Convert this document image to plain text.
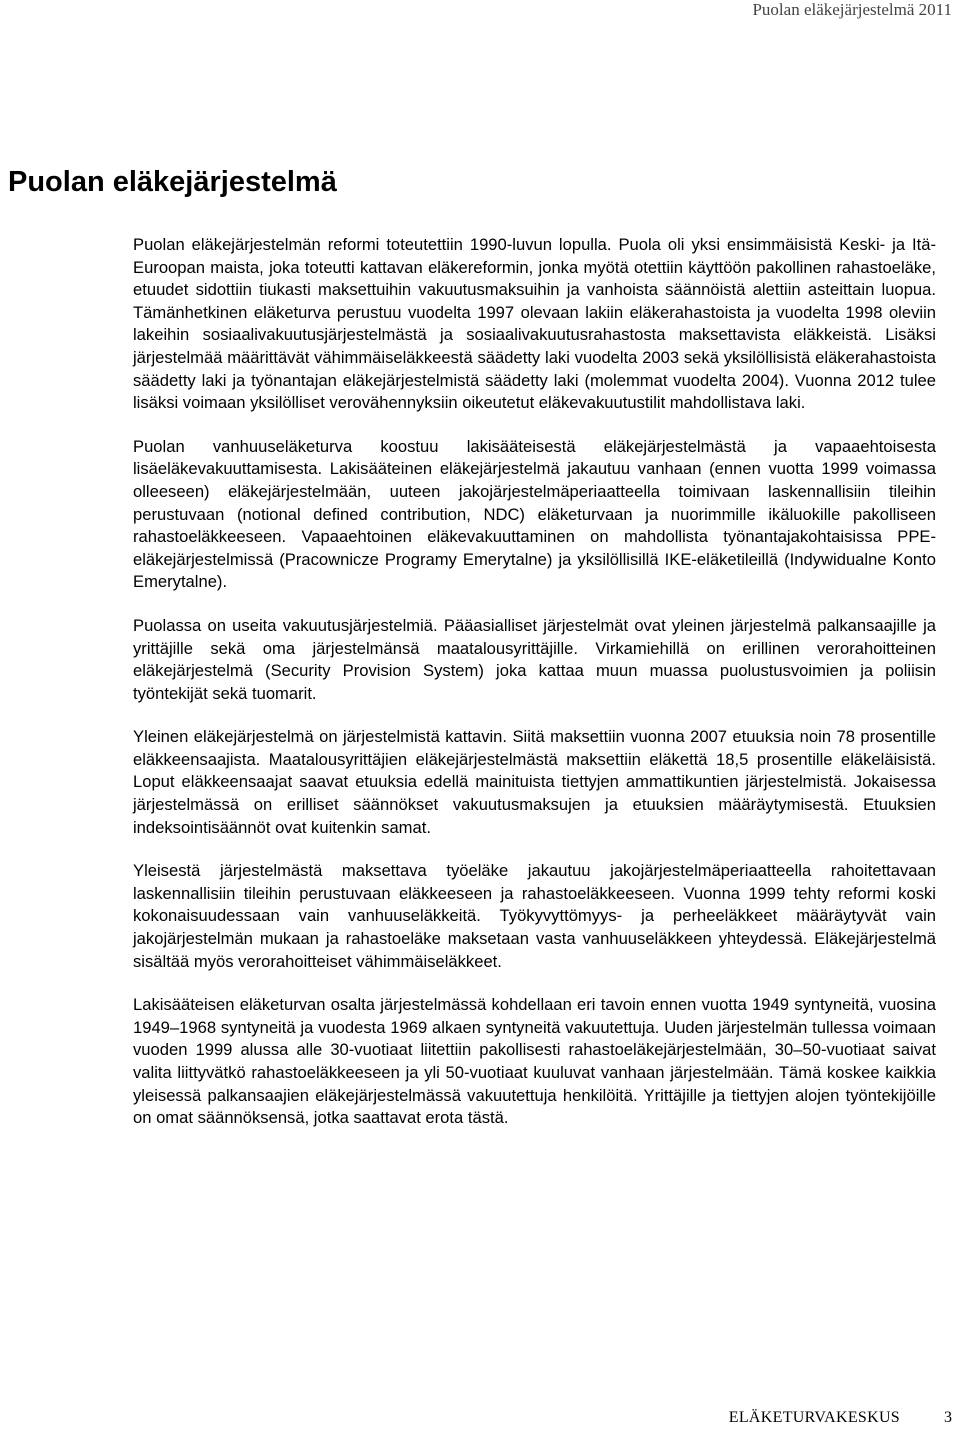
Puolan eläkejärjestelmä 2011
Puolan eläkejärjestelmä

Puolan eläkejärjestelmän reformi toteutettiin 1990-luvun lopulla. Puola oli yksi ensimmäisistä Keski- ja Itä-Euroopan maista, joka toteutti kattavan eläkereformin, jonka myötä otettiin käyttöön pakollinen rahastoeläke, etuudet sidottiin tiukasti maksettuihin vakuutusmaksuihin ja vanhoista säännöistä alettiin asteittain luopua. Tämänhetkinen eläketurva perustuu vuodelta 1997 olevaan lakiin eläkerahastoista ja vuodelta 1998 oleviin lakeihin sosiaalivakuutusjärjestelmästä ja sosiaalivakuutusrahastosta maksettavista eläkkeistä. Lisäksi järjestelmää määrittävät vähimmäiseläkkeestä säädetty laki vuodelta 2003 sekä yksilöllisistä eläkerahastoista säädetty laki ja työnantajan eläkejärjestelmistä säädetty laki (molemmat vuodelta 2004). Vuonna 2012 tulee lisäksi voimaan yksilölliset verovähennyksiin oikeutetut eläkevakuutustilit mahdollistava laki.

Puolan vanhuuseläketurva koostuu lakisääteisestä eläkejärjestelmästä ja vapaaehtoisesta lisäeläkevakuuttamisesta. Lakisääteinen eläkejärjestelmä jakautuu vanhaan (ennen vuotta 1999 voimassa olleeseen) eläkejärjestelmään, uuteen jakojärjestelmäperiaatteella toimivaan laskennallisiin tileihin perustuvaan (notional defined contribution, NDC) eläketurvaan ja nuorimmille ikäluokille pakolliseen rahastoeläkkeeseen. Vapaaehtoinen eläkevakuuttaminen on mahdollista työnantajakohtaisissa PPE-eläkejärjestelmissä (Pracownicze Programy Emerytalne) ja yksilöllisillä IKE-eläketileillä (Indywidualne Konto Emerytalne).

Puolassa on useita vakuutusjärjestelmiä. Pääasialliset järjestelmät ovat yleinen järjestelmä palkansaajille ja yrittäjille sekä oma järjestelmänsä maatalousyrittäjille. Virkamiehillä on erillinen verorahoitteinen eläkejärjestelmä (Security Provision System) joka kattaa muun muassa puolustusvoimien ja poliisin työntekijät sekä tuomarit.

Yleinen eläkejärjestelmä on järjestelmistä kattavin. Siitä maksettiin vuonna 2007 etuuksia noin 78 prosentille eläkkeensaajista. Maatalousyrittäjien eläkejärjestelmästä maksettiin eläkettä 18,5 prosentille eläkeläisistä. Loput eläkkeensaajat saavat etuuksia edellä mainituista tiettyjen ammattikuntien järjestelmistä. Jokaisessa järjestelmässä on erilliset säännökset vakuutusmaksujen ja etuuksien määräytymisestä. Etuuksien indeksointisäännöt ovat kuitenkin samat.

Yleisestä järjestelmästä maksettava työeläke jakautuu jakojärjestelmäperiaatteella rahoitettavaan laskennallisiin tileihin perustuvaan eläkkeeseen ja rahastoeläkkeeseen. Vuonna 1999 tehty reformi koski kokonaisuudessaan vain vanhuuseläkkeitä. Työkyvyttömyys- ja perheeläkkeet määräytyvät vain jakojärjestelmän mukaan ja rahastoeläke maksetaan vasta vanhuuseläkkeen yhteydessä. Eläkejärjestelmä sisältää myös verorahoitteiset vähimmäiseläkkeet.

Lakisääteisen eläketurvan osalta järjestelmässä kohdellaan eri tavoin ennen vuotta 1949 syntyneitä, vuosina 1949–1968 syntyneitä ja vuodesta 1969 alkaen syntyneitä vakuutettuja. Uuden järjestelmän tullessa voimaan vuoden 1999 alussa alle 30-vuotiaat liitettiin pakollisesti rahastoeläkejärjestelmään, 30–50-vuotiaat saivat valita liittyvätkö rahastoeläkkeeseen ja yli 50-vuotiaat kuuluvat vanhaan järjestelmään. Tämä koskee kaikkia yleisessä palkansaajien eläkejärjestelmässä vakuutettuja henkilöitä. Yrittäjille ja tiettyjen alojen työntekijöille on omat säännöksensä, jotka saattavat erota tästä.

ELÄKETURVAKESKUS	3
